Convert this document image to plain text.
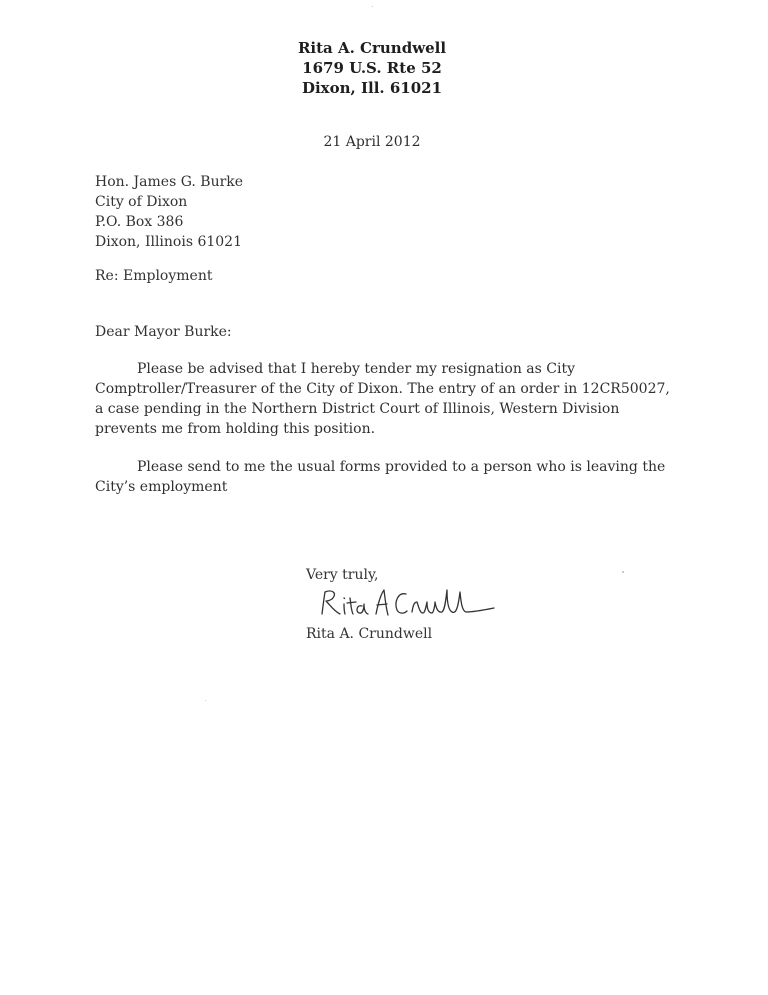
Rita A. Crundwell
1679 U.S. Rte 52
Dixon, Ill. 61021
21 April 2012
Hon. James G. Burke
City of Dixon
P.O. Box 386
Dixon, Illinois 61021
Re: Employment
Dear Mayor Burke:
Please be advised that I hereby tender my resignation as City
Comptroller/Treasurer of the City of Dixon. The entry of an order in 12CR50027,
a case pending in the Northern District Court of Illinois, Western Division
prevents me from holding this position.
Please send to me the usual forms provided to a person who is leaving the
City’s employment
Very truly,
Rita A. Crundwell
